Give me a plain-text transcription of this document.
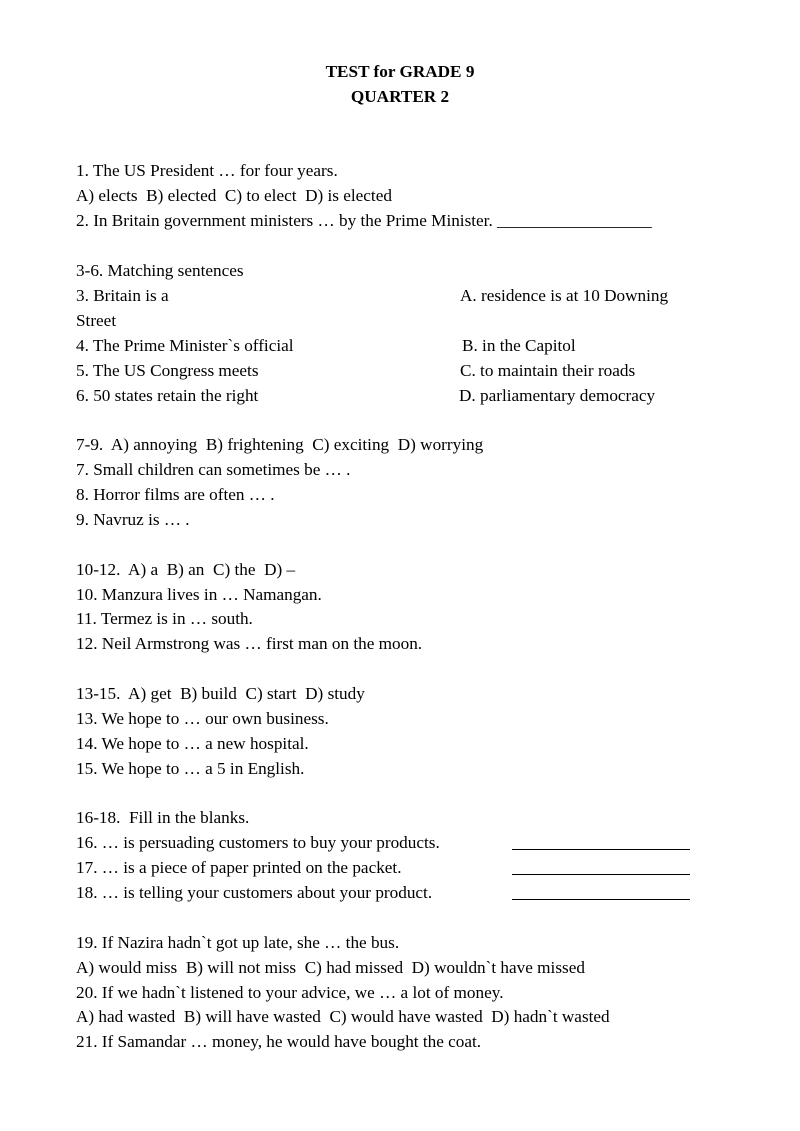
TEST for GRADE 9
QUARTER 2
1. The US President … for four years.
A) elects  B) elected  C) to elect  D) is elected
2. In Britain government ministers … by the Prime Minister. __________________
3-6. Matching sentences
3. Britain is a	A. residence is at 10 Downing
Street
4. The Prime Minister`s official	B. in the Capitol
5. The US Congress meets	C. to maintain their roads
6. 50 states retain the right	D. parliamentary democracy
7-9.  A) annoying  B) frightening  C) exciting  D) worrying
7. Small children can sometimes be … .
8. Horror films are often … .
9. Navruz is … .
10-12.  A) a  B) an  C) the  D) –
10. Manzura lives in … Namangan.
11. Termez is in … south.
12. Neil Armstrong was … first man on the moon.
13-15.  A) get  B) build  C) start  D) study
13. We hope to … our own business.
14. We hope to … a new hospital.
15. We hope to … a 5 in English.
16-18.  Fill in the blanks.
16. … is persuading customers to buy your products.
17. … is a piece of paper printed on the packet.
18. … is telling your customers about your product.
19. If Nazira hadn`t got up late, she … the bus.
A) would miss  B) will not miss  C) had missed  D) wouldn`t have missed
20. If we hadn`t listened to your advice, we … a lot of money.
A) had wasted  B) will have wasted  C) would have wasted  D) hadn`t wasted
21. If Samandar … money, he would have bought the coat.
